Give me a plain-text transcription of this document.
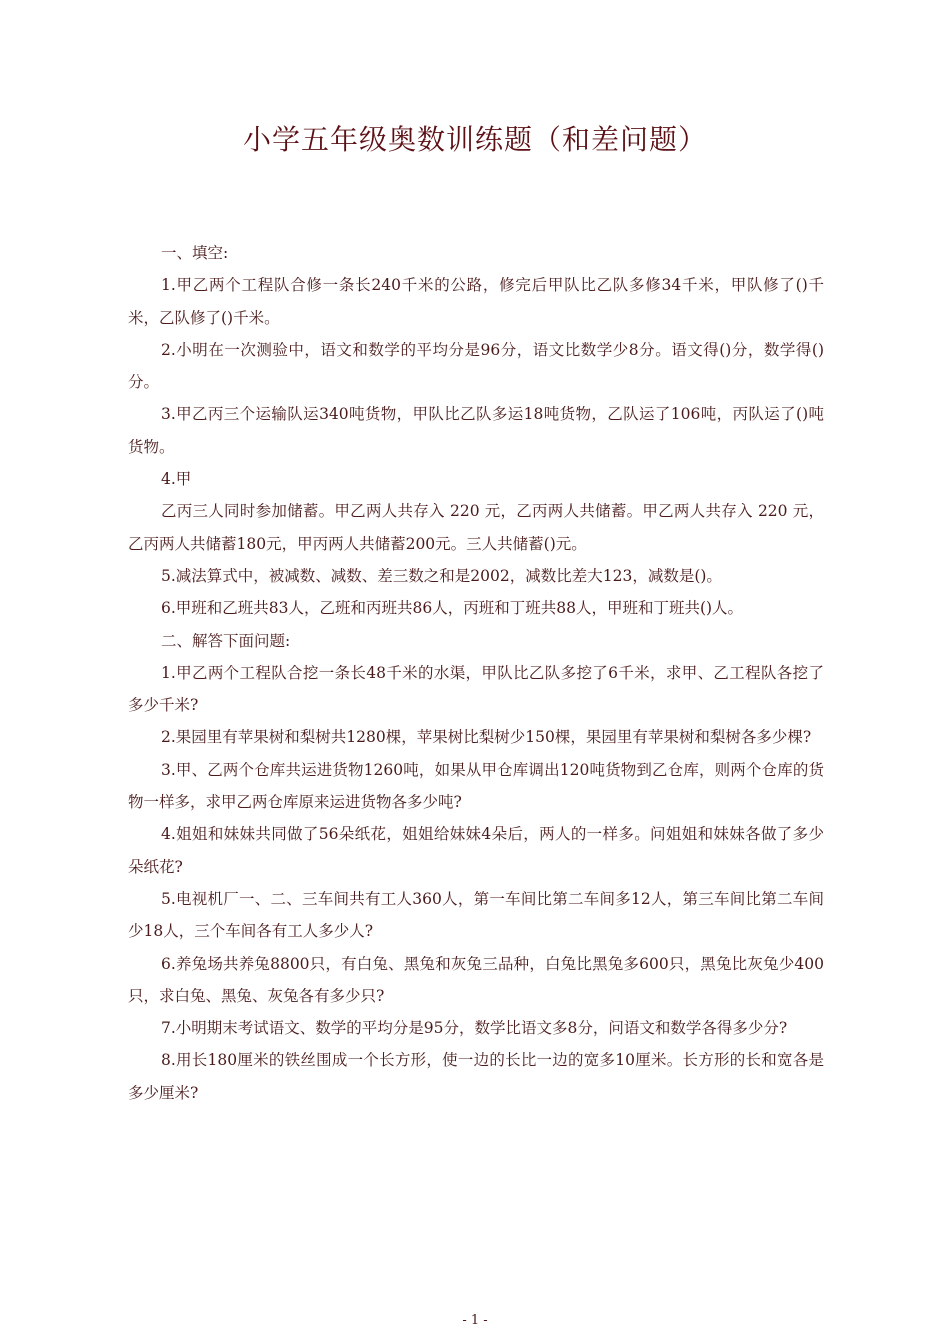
小学五年级奥数训练题（和差问题）

一、填空:

1.甲乙两个工程队合修一条长240千米的公路，修完后甲队比乙队多修34千米，甲队修了()千米，乙队修了()千米。

2.小明在一次测验中，语文和数学的平均分是96分，语文比数学少8分。语文得()分，数学得()分。

3.甲乙丙三个运输队运340吨货物，甲队比乙队多运18吨货物，乙队运了106吨，丙队运了()吨货物。

4.甲

乙丙三人同时参加储蓄。甲乙两人共存入 220 元，乙丙两人共储蓄。甲乙两人共存入 220 元，乙丙两人共储蓄180元，甲丙两人共储蓄200元。三人共储蓄()元。

5.减法算式中，被减数、减数、差三数之和是2002，减数比差大123，减数是()。

6.甲班和乙班共83人，乙班和丙班共86人，丙班和丁班共88人，甲班和丁班共()人。

二、解答下面问题:

1.甲乙两个工程队合挖一条长48千米的水渠，甲队比乙队多挖了6千米，求甲、乙工程队各挖了多少千米?

2.果园里有苹果树和梨树共1280棵，苹果树比梨树少150棵，果园里有苹果树和梨树各多少棵?

3.甲、乙两个仓库共运进货物1260吨，如果从甲仓库调出120吨货物到乙仓库，则两个仓库的货物一样多，求甲乙两仓库原来运进货物各多少吨?

4.姐姐和妹妹共同做了56朵纸花，姐姐给妹妹4朵后，两人的一样多。问姐姐和妹妹各做了多少朵纸花?

5.电视机厂一、二、三车间共有工人360人，第一车间比第二车间多12人，第三车间比第二车间少18人，三个车间各有工人多少人?

6.养兔场共养兔8800只，有白兔、黑兔和灰兔三品种，白兔比黑兔多600只，黑兔比灰兔少400只，求白兔、黑兔、灰兔各有多少只?

7.小明期末考试语文、数学的平均分是95分，数学比语文多8分，问语文和数学各得多少分?

8.用长180厘米的铁丝围成一个长方形，使一边的长比一边的宽多10厘米。长方形的长和宽各是多少厘米?

- 1 -
